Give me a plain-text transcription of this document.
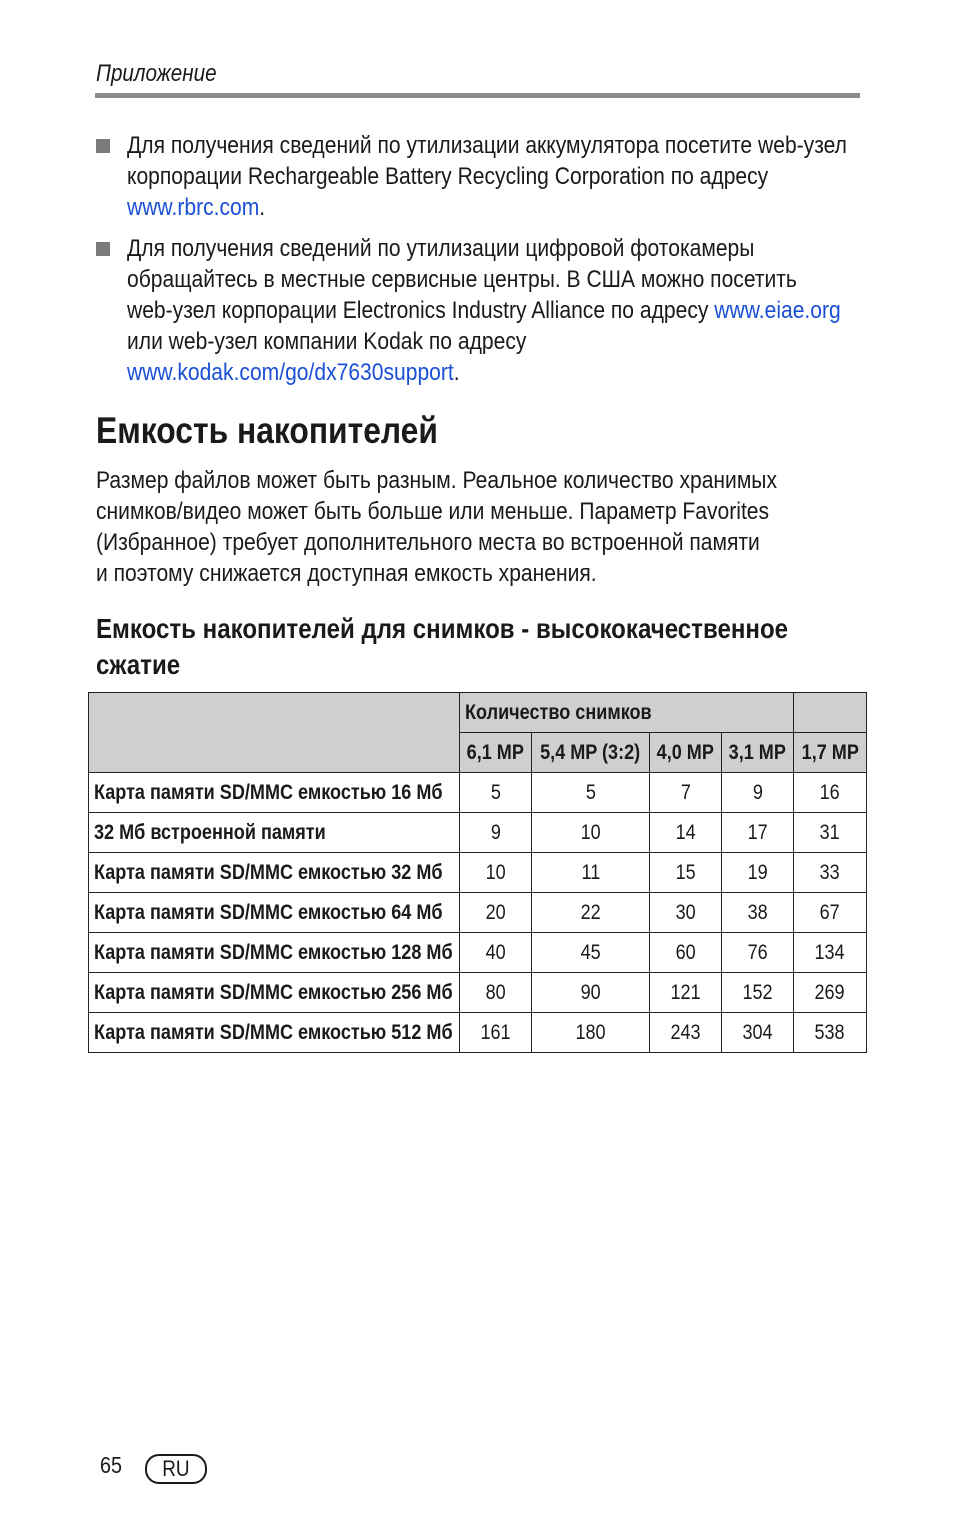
Приложение
Для получения сведений по утилизации аккумулятора посетите web-узел
корпорации Rechargeable Battery Recycling Corporation по адресу
www.rbrc.com.
Для получения сведений по утилизации цифровой фотокамеры
обращайтесь в местные сервисные центры. В США можно посетить
web-узел корпорации Electronics Industry Alliance по адресу www.eiae.org
или web-узел компании Kodak по адресу
www.kodak.com/go/dx7630support.
Емкость накопителей
Размер файлов может быть разным. Реальное количество хранимых
снимков/видео может быть больше или меньше. Параметр Favorites
(Избранное) требует дополнительного места во встроенной памяти
и поэтому снижается доступная емкость хранения.
Емкость накопителей для снимков - высококачественное
сжатие
	Количество снимков				
	6,1 MP	5,4 MP (3:2)	4,0 MP	3,1 MP	1,7 MP
Карта памяти SD/MMC емкостью 16 Мб	5	5	7	9	16
32 Мб встроенной памяти	9	10	14	17	31
Карта памяти SD/MMC емкостью 32 Мб	10	11	15	19	33
Карта памяти SD/MMC емкостью 64 Мб	20	22	30	38	67
Карта памяти SD/MMC емкостью 128 Мб	40	45	60	76	134
Карта памяти SD/MMC емкостью 256 Мб	80	90	121	152	269
Карта памяти SD/MMC емкостью 512 Мб	161	180	243	304	538
65	RU
